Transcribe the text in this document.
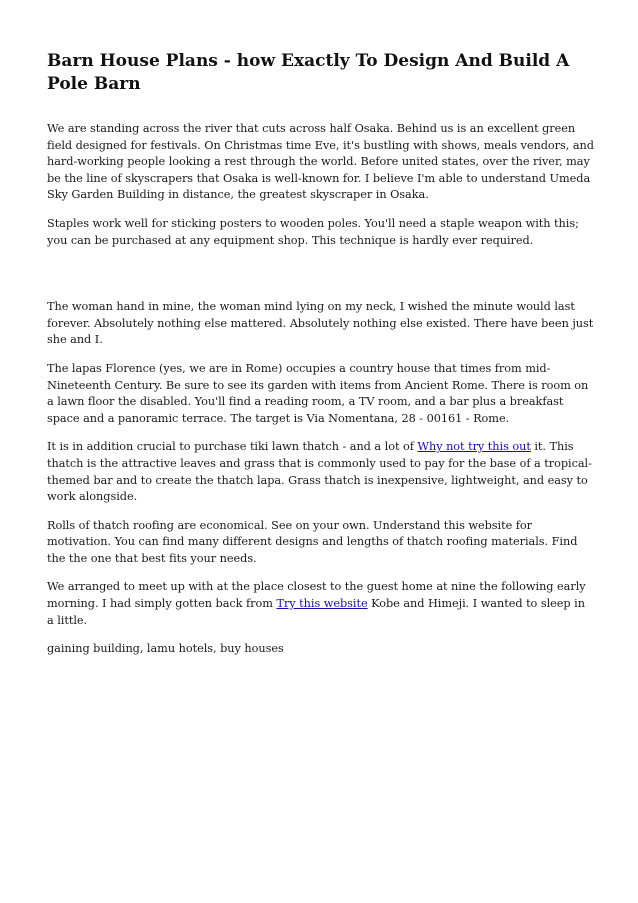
Barn House Plans - how Exactly To Design And Build A Pole Barn

We are standing across the river that cuts across half Osaka. Behind us is an excellent green field designed for festivals. On Christmas time Eve, it's bustling with shows, meals vendors, and hard-working people looking a rest through the world. Before united states, over the river, may be the line of skyscrapers that Osaka is well-known for. I believe I'm able to understand Umeda Sky Garden Building in distance, the greatest skyscraper in Osaka.

Staples work well for sticking posters to wooden poles. You'll need a staple weapon with this; you can be purchased at any equipment shop. This technique is hardly ever required.

The woman hand in mine, the woman mind lying on my neck, I wished the minute would last forever. Absolutely nothing else mattered. Absolutely nothing else existed. There have been just she and I.

The lapas Florence (yes, we are in Rome) occupies a country house that times from mid-Nineteenth Century. Be sure to see its garden with items from Ancient Rome. There is room on a lawn floor the disabled. You'll find a reading room, a TV room, and a bar plus a breakfast space and a panoramic terrace. The target is Via Nomentana, 28 - 00161 - Rome.

It is in addition crucial to purchase tiki lawn thatch - and a lot of Why not try this out it. This thatch is the attractive leaves and grass that is commonly used to pay for the base of a tropical-themed bar and to create the thatch lapa. Grass thatch is inexpensive, lightweight, and easy to work alongside.

Rolls of thatch roofing are economical. See on your own. Understand this website for motivation. You can find many different designs and lengths of thatch roofing materials. Find the the one that best fits your needs.

We arranged to meet up with at the place closest to the guest home at nine the following early morning. I had simply gotten back from Try this website Kobe and Himeji. I wanted to sleep in a little.

gaining building, lamu hotels, buy houses
